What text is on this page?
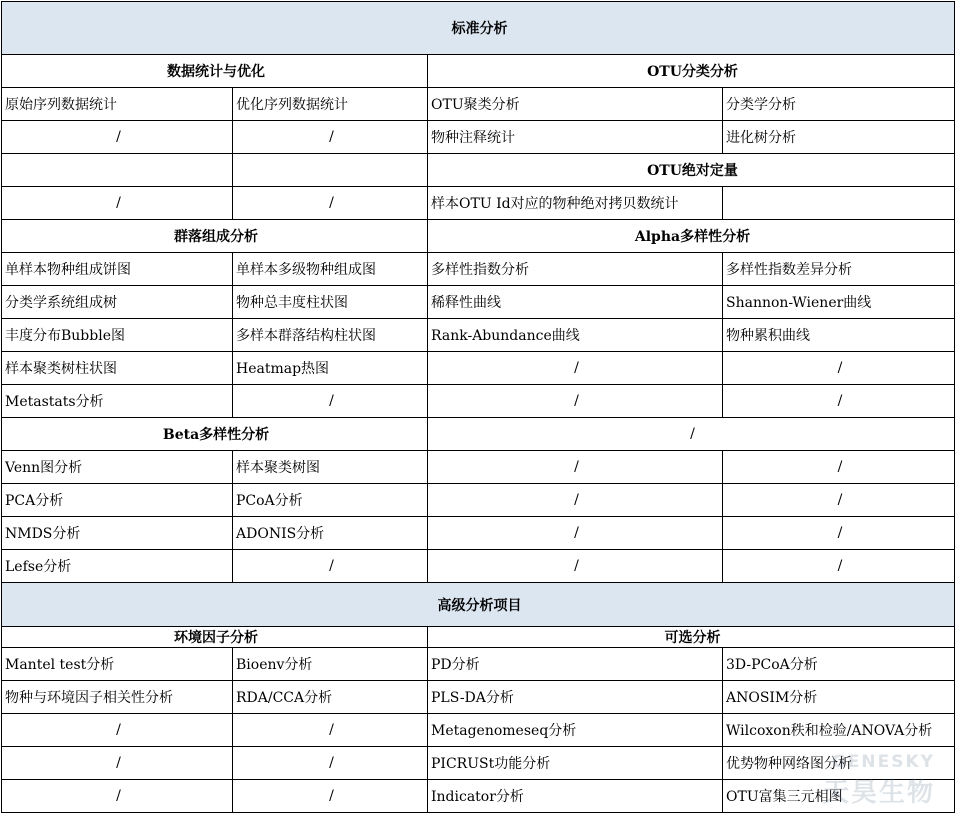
标准分析			
数据统计与优化		OTU分类分析	
原始序列数据统计	优化序列数据统计	OTU聚类分析	分类学分析
/	/	物种注释统计	进化树分析
		OTU绝对定量	
/	/	样本OTU Id对应的物种绝对拷贝数统计	
群落组成分析		Alpha多样性分析	
单样本物种组成饼图	单样本多级物种组成图	多样性指数分析	多样性指数差异分析
分类学系统组成树	物种总丰度柱状图	稀释性曲线	Shannon-Wiener曲线
丰度分布Bubble图	多样本群落结构柱状图	Rank-Abundance曲线	物种累积曲线
样本聚类树柱状图	Heatmap热图	/	/
Metastats分析	/	/	/
Beta多样性分析		/	
Venn图分析	样本聚类树图	/	/
PCA分析	PCoA分析	/	/
NMDS分析	ADONIS分析	/	/
Lefse分析	/	/	/
高级分析项目			
环境因子分析		可选分析	
Mantel test分析	Bioenv分析	PD分析	3D-PCoA分析
物种与环境因子相关性分析	RDA/CCA分析	PLS-DA分析	ANOSIM分析
/	/	Metagenomeseq分析	Wilcoxon秩和检验/ANOVA分析
/	/	PICRUSt功能分析	优势物种网络图分析
/	/	Indicator分析	OTU富集三元相图
GENESKY
天昊生物
